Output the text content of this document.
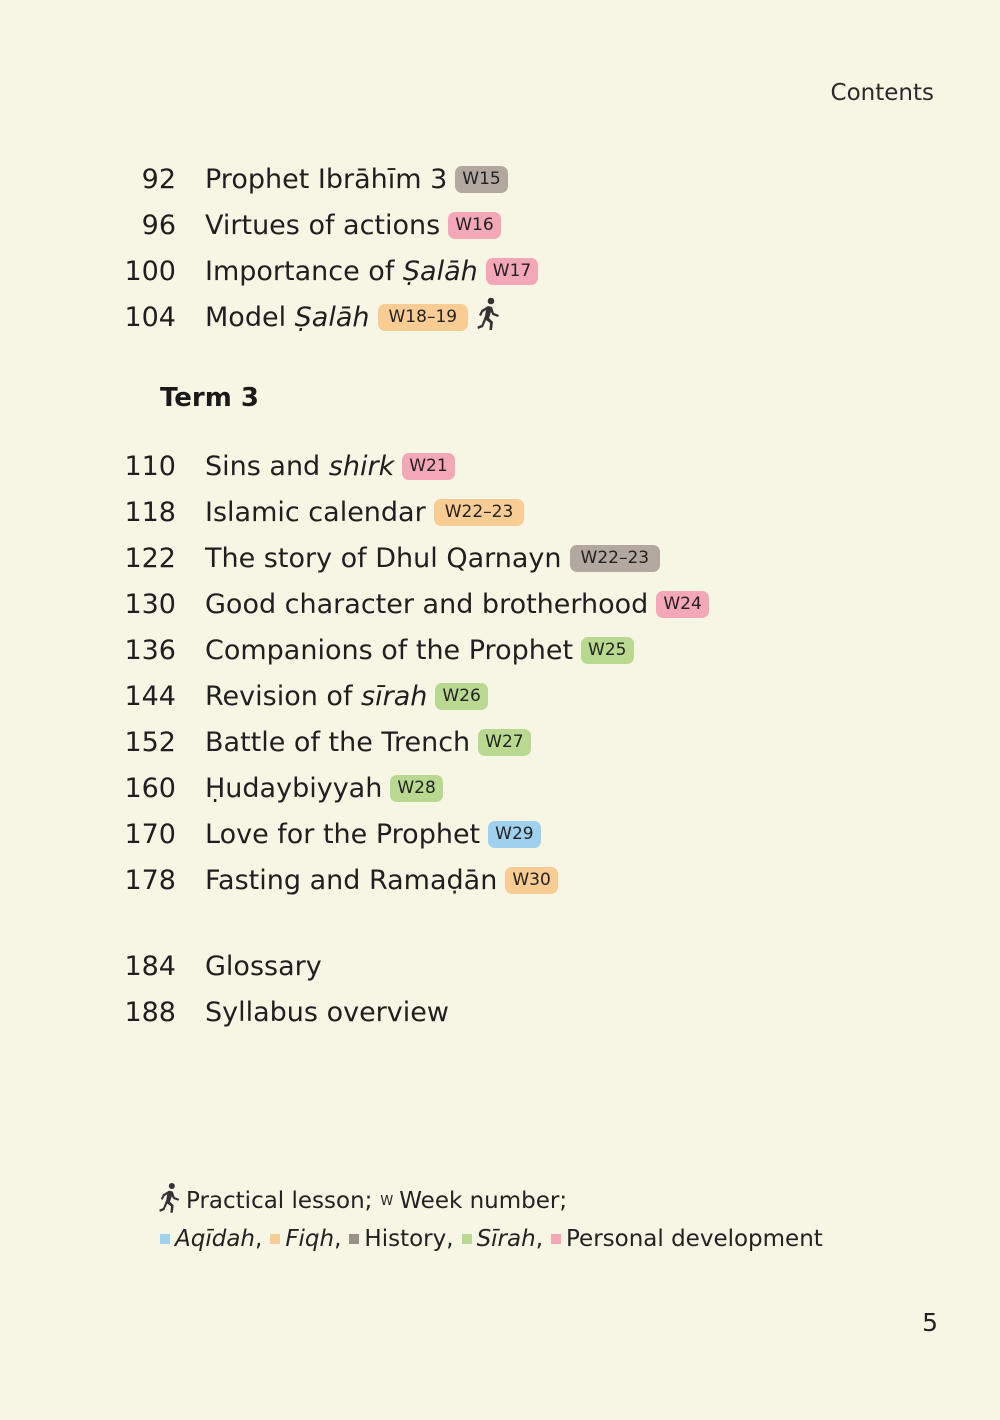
Contents
92	Prophet Ibrāhīm 3 W15
96	Virtues of actions W16
100	Importance of Ṣalāh W17
104	Model Ṣalāh	W18–19
Term 3
110	Sins and shirk W21
118	Islamic calendar	W22–23
122	The story of Dhul Qarnayn	W22–23
130	Good character and brotherhood W24
136	Companions of the Prophet W25
144	Revision of sīrah W26
152	Battle of the Trench W27
160	Ḥudaybiyyah W28
170	Love for the Prophet W29
178	Fasting and Ramaḍān W30
184	Glossary
188	Syllabus overview
Practical lesson; W Week number;
Aqīdah , Fiqh , History , Sīrah , Personal development
5
